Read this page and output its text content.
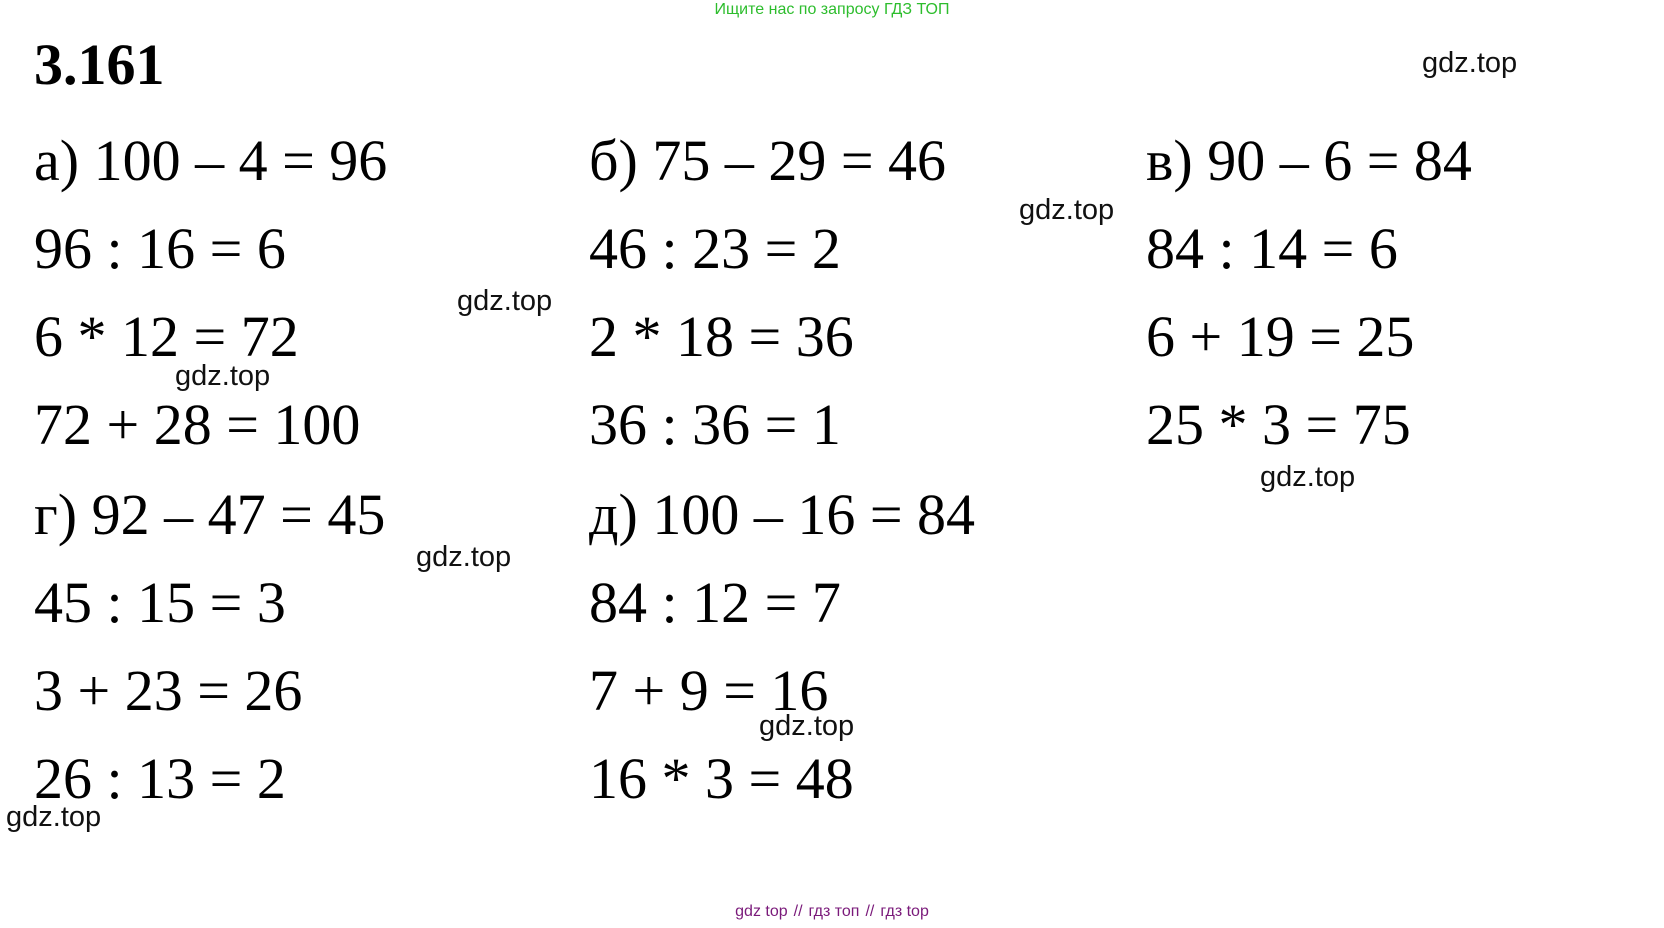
Ищите нас по запросу ГДЗ ТОП
3.161
а) 100 – 4 = 96
96 : 16 = 6
6 * 12 = 72
72 + 28 = 100
б) 75 – 29 = 46
46 : 23 = 2
2 * 18 = 36
36 : 36 = 1
в) 90 – 6 = 84
84 : 14 = 6
6 + 19 = 25
25 * 3 = 75
г) 92 – 47 = 45
45 : 15 = 3
3 + 23 = 26
26 : 13 = 2
д) 100 – 16 = 84
84 : 12 = 7
7 + 9 = 16
16 * 3 = 48
gdz.top
gdz.top
gdz.top
gdz.top
gdz.top
gdz.top
gdz.top
gdz.top
gdz top // гдз топ // гдз top
